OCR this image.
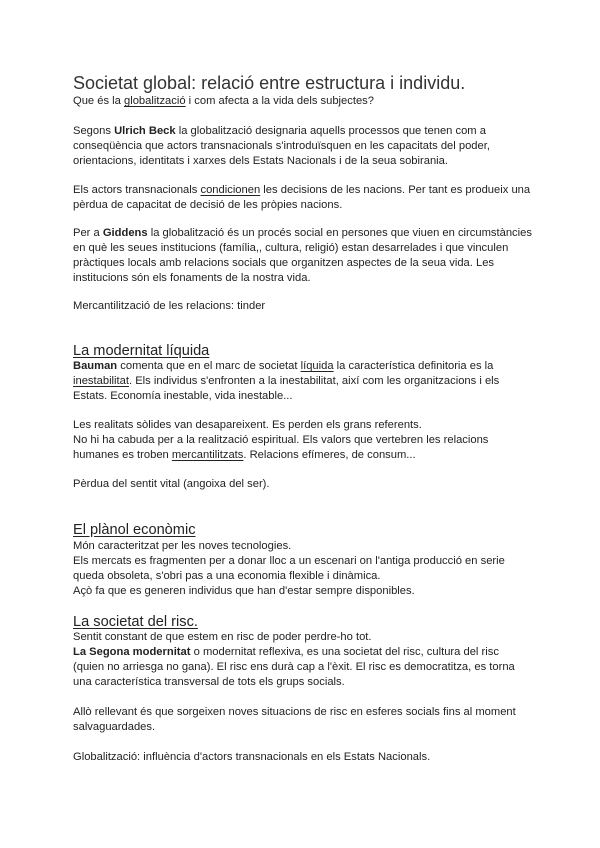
Societat global: relació entre estructura i individu.

Que és la globalització i com afecta a la vida dels subjectes?

Segons Ulrich Beck la globalització designaria aquells processos que tenen com a

conseqüència que actors transnacionals s'introduïsquen en les capacitats del poder,

orientacions, identitats i xarxes dels Estats Nacionals i de la seua sobirania.

Els actors transnacionals condicionen les decisions de les nacions. Per tant es produeix una

pèrdua de capacitat de decisió de les pròpies nacions.

Per a Giddens la globalització és un procés social en persones que viuen en circumstàncies

en què les seues institucions (família,, cultura, religió) estan desarrelades i que vinculen

pràctiques locals amb relacions socials que organitzen aspectes de la seua vida. Les

institucions són els fonaments de la nostra vida.

Mercantilització de les relacions: tinder

La modernitat líquida

Bauman comenta que en el marc de societat líquida la característica definitoria es la

inestabilitat. Els individus s'enfronten a la inestabilitat, així com les organitzacions i els

Estats. Economía inestable, vida inestable...

Les realitats sòlides van desapareixent. Es perden els grans referents.

No hi ha cabuda per a la realització espiritual. Els valors que vertebren les relacions

humanes es troben mercantilitzats. Relacions efímeres, de consum...

Pèrdua del sentit vital (angoixa del ser).

El plànol econòmic

Món caracteritzat per les noves tecnologies.

Els mercats es fragmenten per a donar lloc a un escenari on l'antiga producció en serie

queda obsoleta, s'obri pas a una economia flexible i dinàmica.

Açò fa que es generen individus que han d'estar sempre disponibles.

La societat del risc.

Sentit constant de que estem en risc de poder perdre-ho tot.

La Segona modernitat o modernitat reflexiva, es una societat del risc, cultura del risc

(quien no arriesga no gana). El risc ens durà cap a l'èxit. El risc es democratitza, es torna

una característica transversal de tots els grups socials.

Allò rellevant és que sorgeixen noves situacions de risc en esferes socials fins al moment

salvaguardades.

Globalització: influència d'actors transnacionals en els Estats Nacionals.
